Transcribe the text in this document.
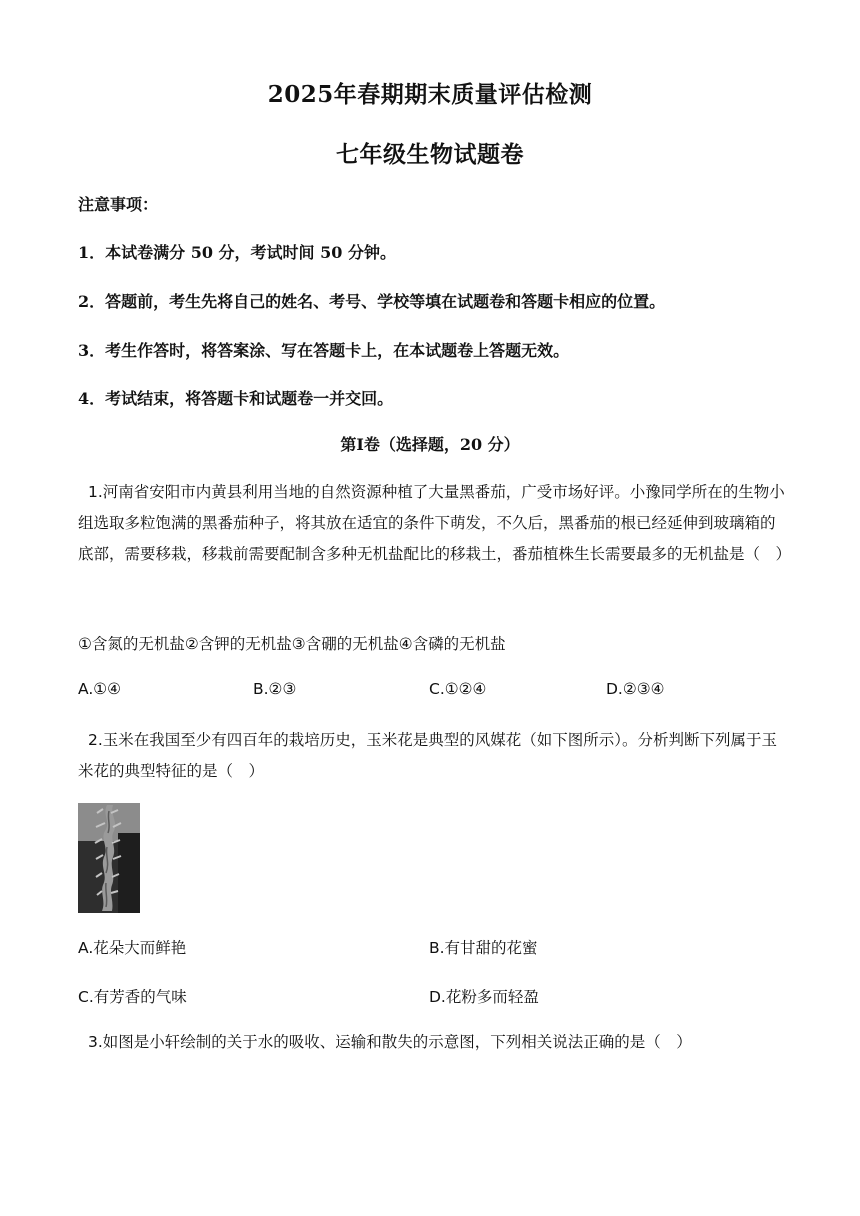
2025年春期期末质量评估检测
七年级生物试题卷
注意事项：
1．本试卷满分 50 分，考试时间 50 分钟。
2．答题前，考生先将自己的姓名、考号、学校等填在试题卷和答题卡相应的位置。
3．考生作答时，将答案涂、写在答题卡上，在本试题卷上答题无效。
4．考试结束，将答题卡和试题卷一并交回。
第Ⅰ卷（选择题，20 分）
1.河南省安阳市内黄县利用当地的自然资源种植了大量黑番茄，广受市场好评。小豫同学所在的生物小组选取多粒饱满的黑番茄种子，将其放在适宜的条件下萌发，不久后，黑番茄的根已经延伸到玻璃箱的底部，需要移栽，移栽前需要配制含多种无机盐配比的移栽土，番茄植株生长需要最多的无机盐是（　）
①含氮的无机盐②含钾的无机盐③含硼的无机盐④含磷的无机盐
A.①④	B.②③	C.①②④	D.②③④
2.玉米在我国至少有四百年的栽培历史，玉米花是典型的风媒花（如下图所示）。分析判断下列属于玉米花的典型特征的是（　）
A.花朵大而鲜艳	B.有甘甜的花蜜
C.有芳香的气味	D.花粉多而轻盈
3.如图是小轩绘制的关于水的吸收、运输和散失的示意图，下列相关说法正确的是（　）
